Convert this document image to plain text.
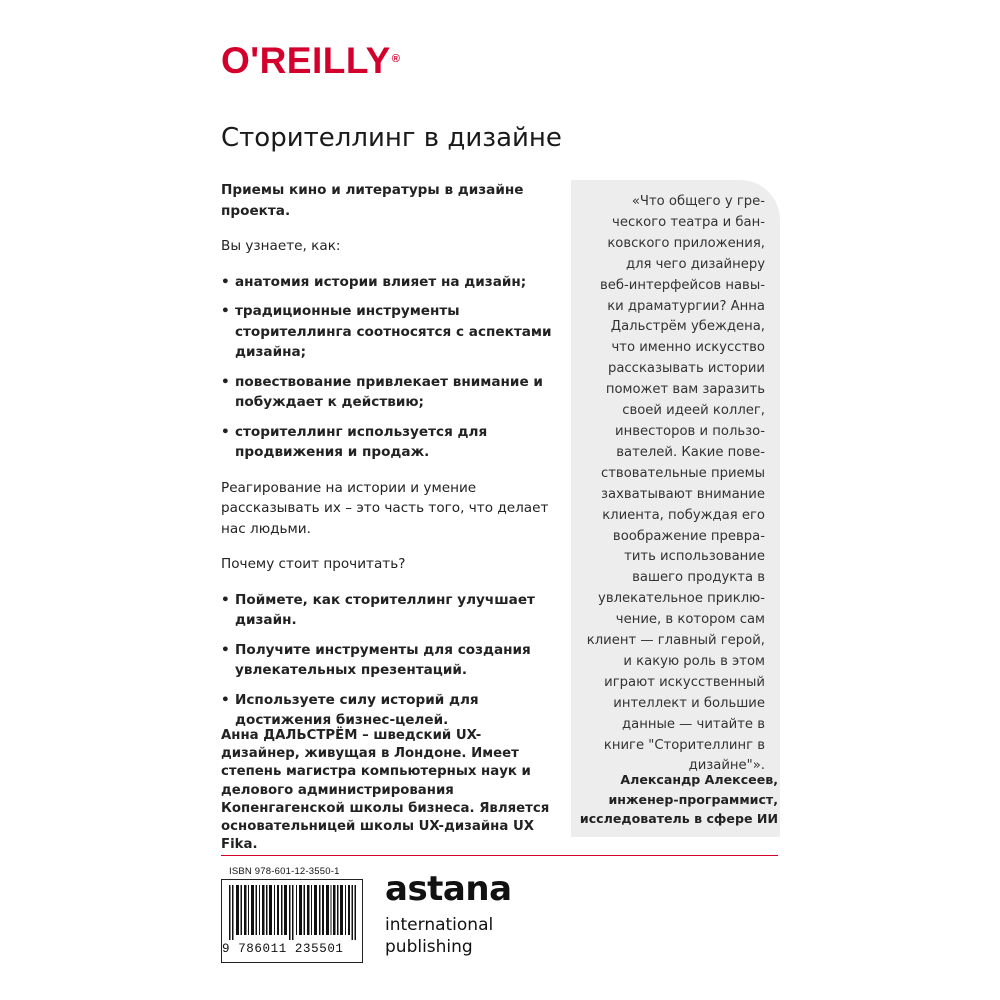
O'REILLY®
Сторителлинг в дизайне

Приемы кино и литературы в дизайне проекта.

Вы узнаете, как:

• анатомия истории влияет на дизайн;
• традиционные инструменты сторителлинга соотносятся с аспектами дизайна;
• повествование привлекает внимание и побуждает к действию;
• сторителлинг используется для продвижения и продаж.

Реагирование на истории и умение рассказывать их – это часть того, что делает нас людьми.

Почему стоит прочитать?

• Поймете, как сторителлинг улучшает дизайн.
• Получите инструменты для создания увлекательных презентаций.
• Используете силу историй для достижения бизнес-целей.
Анна ДАЛЬСТРЁМ – шведский UX-дизайнер, живущая в Лондоне. Имеет степень магистра компьютерных наук и делового администрирования Копенгагенской школы бизнеса. Является основательницей школы UX-дизайна UX Fika.
«Что общего у гре-
ческого театра и бан-
ковского приложения,
для чего дизайнеру
веб-интерфейсов навы-
ки драматургии? Анна
Дальстрём убеждена,
что именно искусство
рассказывать истории
поможет вам заразить
своей идеей коллег,
инвесторов и пользо-
вателей. Какие пове-
ствовательные приемы
захватывают внимание
клиента, побуждая его
воображение превра-
тить использование
вашего продукта в
увлекательное приклю-
чение, в котором сам
клиент — главный герой,
и какую роль в этом
играют искусственный
интеллект и большие
данные — читайте в
книге "Сторителлинг в
дизайне"».
Александр Алексеев,
инженер-программист,
исследователь в сфере ИИ
ISBN 978-601-12-3550-1
9 786011 235501
astana
international
publishing
